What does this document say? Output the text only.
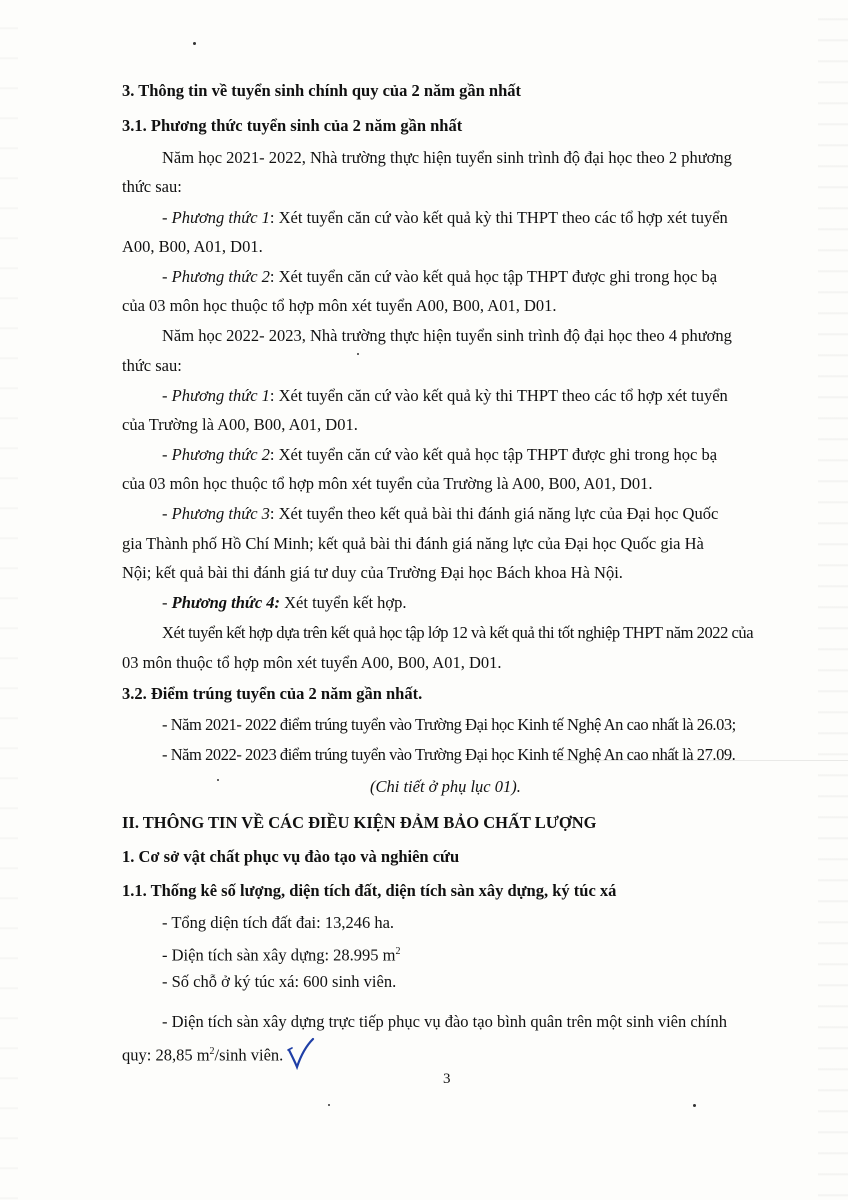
3. Thông tin về tuyển sinh chính quy của 2 năm gần nhất
3.1. Phương thức tuyển sinh của 2 năm gần nhất
Năm học 2021- 2022, Nhà trường thực hiện tuyển sinh trình độ đại học theo 2 phương
thức sau:
- Phương thức 1: Xét tuyển căn cứ vào kết quả kỳ thi THPT theo các tổ hợp xét tuyển
A00, B00, A01, D01.
- Phương thức 2: Xét tuyển căn cứ vào kết quả học tập THPT được ghi trong học bạ
của 03 môn học thuộc tổ hợp môn xét tuyển A00, B00, A01, D01.
Năm học 2022- 2023, Nhà trường thực hiện tuyển sinh trình độ đại học theo 4 phương
thức sau:
- Phương thức 1: Xét tuyển căn cứ vào kết quả kỳ thi THPT theo các tổ hợp xét tuyển
của Trường là A00, B00, A01, D01.
- Phương thức 2: Xét tuyển căn cứ vào kết quả học tập THPT được ghi trong học bạ
của 03 môn học thuộc tổ hợp môn xét tuyển của Trường là A00, B00, A01, D01.
- Phương thức 3: Xét tuyển theo kết quả bài thi đánh giá năng lực của Đại học Quốc
gia Thành phố Hồ Chí Minh; kết quả bài thi đánh giá năng lực của Đại học Quốc gia Hà
Nội; kết quả bài thi đánh giá tư duy của Trường Đại học Bách khoa Hà Nội.
- Phương thức 4: Xét tuyển kết hợp.
Xét tuyển kết hợp dựa trên kết quả học tập lớp 12 và kết quả thi tốt nghiệp THPT năm 2022 của
03 môn thuộc tổ hợp môn xét tuyển A00, B00, A01, D01.
3.2. Điểm trúng tuyển của 2 năm gần nhất.
- Năm 2021- 2022 điểm trúng tuyển vào Trường Đại học Kinh tế Nghệ An cao nhất là 26.03;
- Năm 2022- 2023 điểm trúng tuyển vào Trường Đại học Kinh tế Nghệ An cao nhất là 27.09.
(Chi tiết ở phụ lục 01).
II. THÔNG TIN VỀ CÁC ĐIỀU KIỆN ĐẢM BẢO CHẤT LƯỢNG
1. Cơ sở vật chất phục vụ đào tạo và nghiên cứu
1.1. Thống kê số lượng, diện tích đất, diện tích sàn xây dựng, ký túc xá
- Tổng diện tích đất đai: 13,246 ha.
- Diện tích sàn xây dựng: 28.995 $m^2$
- Số chỗ ở ký túc xá: 600 sinh viên.
- Diện tích sàn xây dựng trực tiếp phục vụ đào tạo bình quân trên một sinh viên chính
quy: 28,85 $m^2/\sinh$ viên.
3
